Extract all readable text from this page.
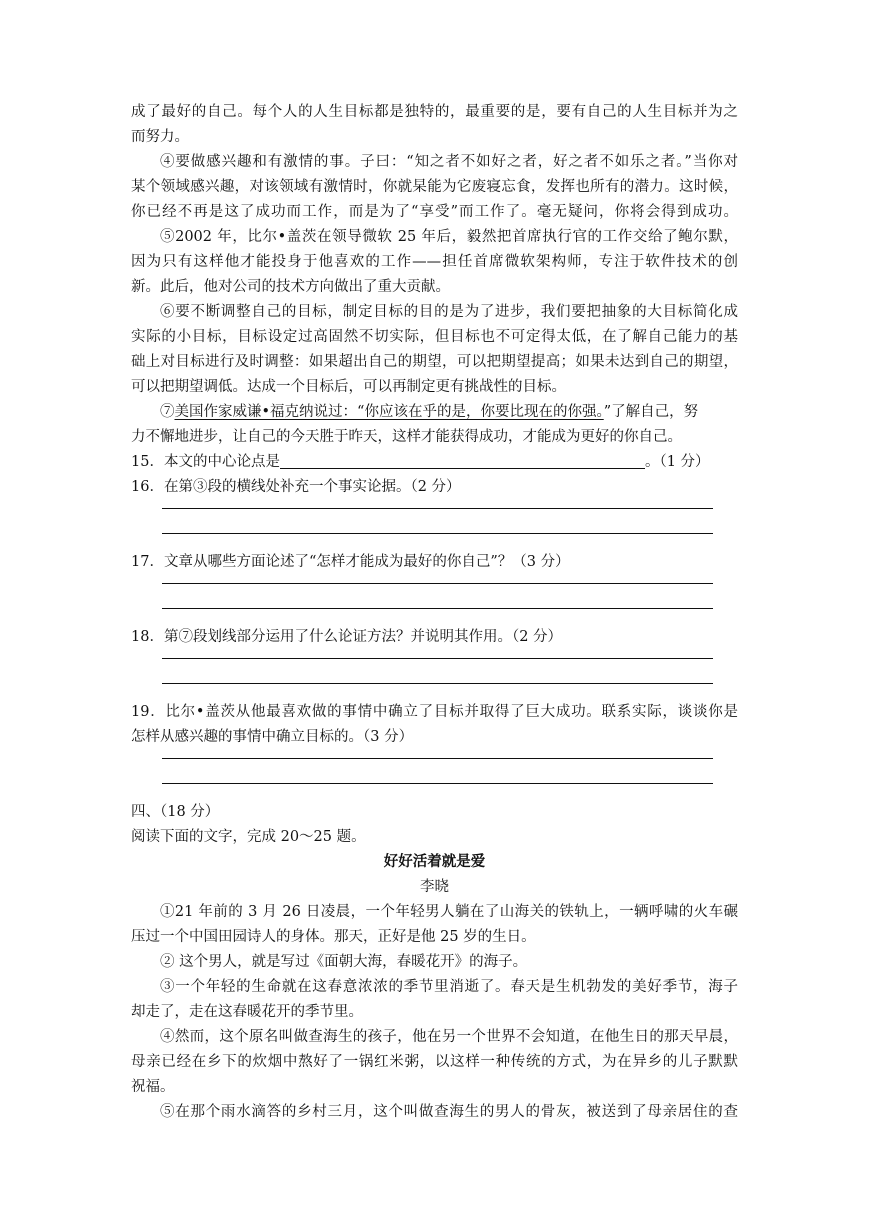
成了最好的自己。每个人的人生目标都是独特的，最重要的是，要有自己的人生目标并为之
而努力。
④要做感兴趣和有激情的事。子曰：“知之者不如好之者，好之者不如乐之者。”当你对
某个领域感兴趣，对该领域有激情时，你就杲能为它废寝忘食，发挥也所有的潜力。这时候，
你已经不再是这了成功而工作，而是为了“享受”而工作了。毫无疑问，你将会得到成功。
⑤2002 年，比尔•盖茨在领导微软 25 年后，毅然把首席执行官的工作交给了鲍尔默，
因为只有这样他才能投身于他喜欢的工作——担任首席微软架构师，专注于软件技术的创
新。此后，他对公司的技术方向做出了重大贡献。
⑥要不断调整自己的目标，制定目标的目的是为了进步，我们要把抽象的大目标简化成
实际的小目标，目标设定过高固然不切实际，但目标也不可定得太低，在了解自己能力的基
础上对目标进行及时调整：如果超出自己的期望，可以把期望提高；如果未达到自己的期望，
可以把期望调低。达成一个目标后，可以再制定更有挑战性的目标。
⑦美国作家威谦•福克纳说过：“你应该在乎的是，你要比现在的你强。”了解自己，努
力不懈地进步，让自己的今天胜于昨天，这样才能获得成功，才能成为更好的你自己。
15．本文的中心论点是	。（1 分）
16．在第③段的横线处补充一个事实论据。（2 分）
17．文章从哪些方面论述了“怎样才能成为最好的你自己”？（3 分）
18．第⑦段划线部分运用了什么论证方法？并说明其作用。（2 分）
19．比尔•盖茨从他最喜欢做的事情中确立了目标并取得了巨大成功。联系实际，谈谈你是
怎样从感兴趣的事情中确立目标的。（3 分）
四、（18 分）
阅读下面的文字，完成 20～25 题。
好好活着就是爱
李晓
①21 年前的 3 月 26 日凌晨，一个年轻男人躺在了山海关的铁轨上，一辆呼啸的火车碾
压过一个中国田园诗人的身体。那天，正好是他 25 岁的生日。
② 这个男人，就是写过《面朝大海，春暖花开》的海子。
③一个年轻的生命就在这春意浓浓的季节里消逝了。春天是生机勃发的美好季节，海子
却走了，走在这春暖花开的季节里。
④然而，这个原名叫做查海生的孩子，他在另一个世界不会知道，在他生日的那天早晨，
母亲已经在乡下的炊烟中熬好了一锅红米粥，以这样一种传统的方式，为在异乡的儿子默默
祝福。
⑤在那个雨水滴答的乡村三月，这个叫做查海生的男人的骨灰，被送到了母亲居住的查
